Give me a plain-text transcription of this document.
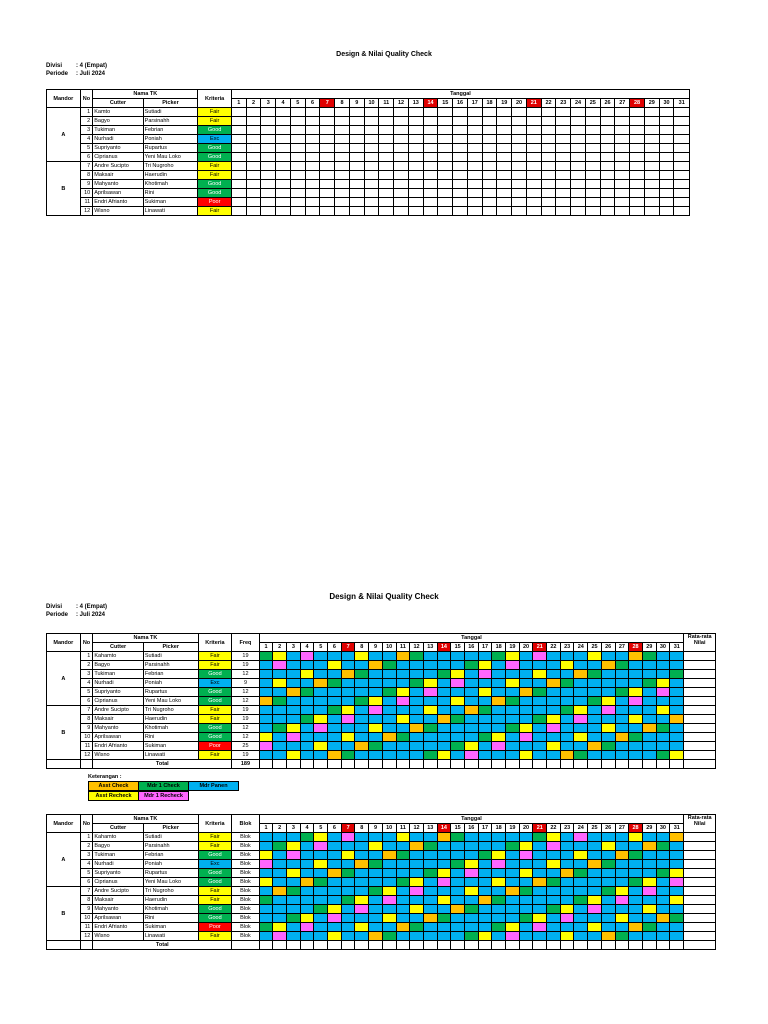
Design & Nilai Quality Check
Divisi : 4 (Empat)
Periode : Juli 2024
Mandor	No	Nama TK		Kriteria	Tanggal																														
		Cutter	Picker		1	2	3	4	5	6	7	8	9	10	11	12	13	14	15	16	17	18	19	20	21	22	23	24	25	26	27	28	29	30	31
A	1	Kamto	Sutiadi	Fair																															
	2	Bagyo	Parsinahh	Fair																															
	3	Tukiman	Febrian	Good																															
	4	Nurhadi	Poniah	Exc																															
	5	Supriyanto	Rupartus	Good																															
	6	Ciprianus	Yeni Mau Loko	Good																															
B	7	Andre Sucipto	Tri Nugroho	Fair																															
	8	Maksair	Haerudin	Fair																															
	9	Mahyanto	Khotimah	Good																															
	10	Aprilsawan	Rini	Good																															
	11	Endri Afrianto	Sukiman	Poor																															
	12	Wisno	Linawati	Fair																															
Design & Nilai Quality Check
Divisi : 4 (Empat)
Periode : Juli 2024
Mandor	No	Nama TK		Kriteria	Freq	Tanggal																															Rata-rata Nilai
		Cutter	Picker			1	2	3	4	5	6	7	8	9	10	11	12	13	14	15	16	17	18	19	20	21	22	23	24	25	26	27	28	29	30	31	
A	1	Kahamto	Sutiadi	Fair	19																																
	2	Bagyo	Parsinahh	Fair	19																																
	3	Tukiman	Febrian	Good	12																																
	4	Nurhadi	Poniah	Exc	9																																
	5	Supriyanto	Rupartus	Good	12																																
	6	Ciprianus	Yeni Mau Loko	Good	12																																
B	7	Andre Sucipto	Tri Nugroho	Fair	19																																
	8	Maksair	Haerudin	Fair	19																																
	9	Mahyanto	Khotimah	Good	12																																
	10	Aprilsawan	Rini	Good	12																																
	11	Endri Afrianto	Sukiman	Poor	25																																
	12	Wisno	Linawati	Fair	19																																
		Total			189																																
Keterangan :
Asst Check	Mdr 1 Check	Mdr Panen
Asst Recheck Mdr 1 Recheck
Mandor	No	Nama TK		Kriteria	Blok	Tanggal																															Rata-rata Nilai
		Cutter	Picker			1	2	3	4	5	6	7	8	9	10	11	12	13	14	15	16	17	18	19	20	21	22	23	24	25	26	27	28	29	30	31	
A	1	Kahamto	Sutiadi	Fair	Blok																																
	2	Bagyo	Parsinahh	Fair	Blok																																
	3	Tukiman	Febrian	Good	Blok																																
	4	Nurhadi	Poniah	Exc	Blok																																
	5	Supriyanto	Rupartus	Good	Blok																																
	6	Ciprianus	Yeni Mau Loko	Good	Blok																																
B	7	Andre Sucipto	Tri Nugroho	Fair	Blok																																
	8	Maksair	Haerudin	Fair	Blok																																
	9	Mahyanto	Khotimah	Good	Blok																																
	10	Aprilsawan	Rini	Good	Blok																																
	11	Endri Afrianto	Sukiman	Poor	Blok																																
	12	Wisno	Linawati	Fair	Blok																																
		Total																																			
